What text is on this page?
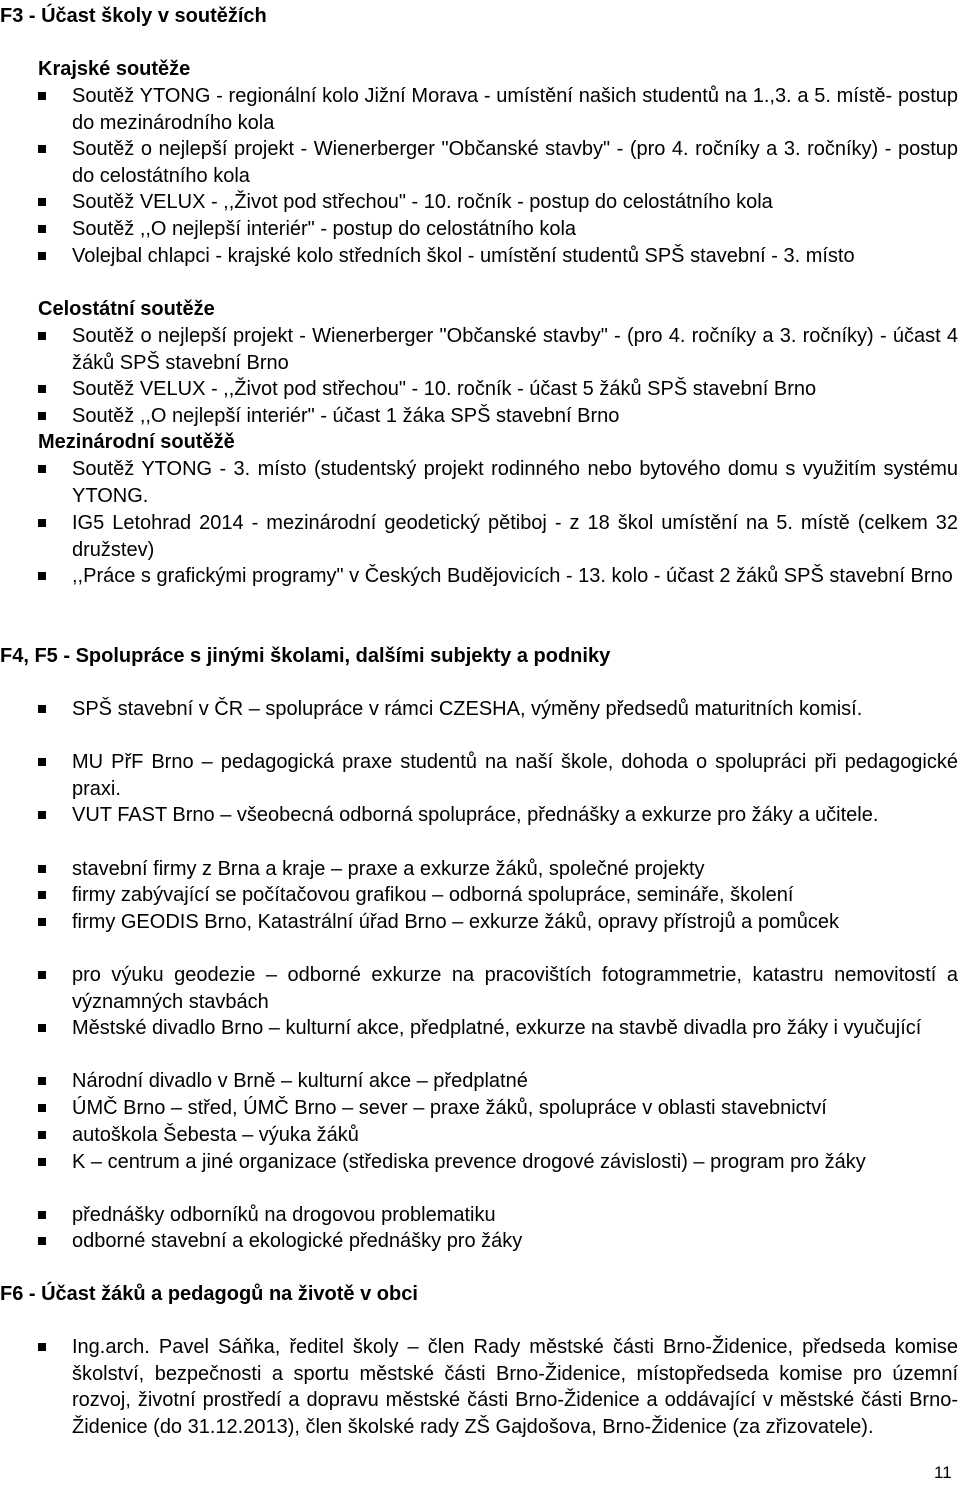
F3 - Účast školy v soutěžích
Krajské soutěže
Soutěž YTONG - regionální kolo Jižní Morava - umístění našich studentů na 1.,3. a 5. místě- postup do mezinárodního kola
Soutěž o nejlepší projekt - Wienerberger "Občanské stavby" - (pro 4. ročníky a 3. ročníky) - postup do celostátního kola
Soutěž VELUX - ,,Život pod střechou" - 10. ročník - postup do celostátního kola
Soutěž ,,O nejlepší interiér" - postup do celostátního kola
Volejbal chlapci - krajské kolo středních škol - umístění studentů SPŠ stavební - 3. místo
Celostátní soutěže
Soutěž o nejlepší projekt - Wienerberger "Občanské stavby" - (pro 4. ročníky a 3. ročníky) - účast 4 žáků SPŠ stavební Brno
Soutěž VELUX - ,,Život pod střechou" - 10. ročník - účast 5 žáků SPŠ stavební Brno
Soutěž ,,O nejlepší interiér" - účast 1 žáka SPŠ stavební Brno
Mezinárodní soutěžě
Soutěž YTONG - 3. místo (studentský projekt rodinného nebo bytového domu s využitím systému YTONG.
IG5 Letohrad 2014 - mezinárodní geodetický pětiboj - z 18 škol umístění na 5. místě (celkem 32 družstev)
,,Práce s grafickými programy" v Českých Budějovicích - 13. kolo - účast 2 žáků SPŠ stavební Brno
F4, F5 - Spolupráce s jinými školami, dalšími subjekty a podniky
SPŠ stavební v ČR – spolupráce v rámci CZESHA, výměny předsedů maturitních komisí.
MU PřF Brno – pedagogická praxe studentů na naší škole, dohoda o spolupráci při pedagogické praxi.
VUT FAST Brno – všeobecná odborná spolupráce, přednášky a exkurze pro žáky a učitele.
stavební firmy z Brna a kraje – praxe a exkurze žáků, společné projekty
firmy zabývající se počítačovou grafikou – odborná spolupráce, semináře, školení
firmy GEODIS Brno, Katastrální úřad Brno – exkurze žáků, opravy přístrojů a pomůcek
pro výuku geodezie – odborné exkurze na pracovištích fotogrammetrie, katastru nemovitostí a významných stavbách
Městské divadlo Brno – kulturní akce, předplatné, exkurze na stavbě divadla pro žáky i vyučující
Národní divadlo v Brně – kulturní akce – předplatné
ÚMČ Brno – střed, ÚMČ Brno – sever – praxe žáků, spolupráce v oblasti stavebnictví
autoškola Šebesta – výuka žáků
K – centrum a jiné organizace (střediska prevence drogové závislosti) – program pro žáky
přednášky odborníků na drogovou problematiku
odborné stavební a ekologické přednášky pro žáky
F6 - Účast žáků a pedagogů na životě v obci
Ing.arch. Pavel Sáňka, ředitel školy – člen Rady městské části Brno-Židenice, předseda komise školství, bezpečnosti a sportu městské části Brno-Židenice, místopředseda komise pro územní rozvoj, životní prostředí a dopravu městské části Brno-Židenice a oddávající v městské části Brno-Židenice (do 31.12.2013), člen školské rady ZŠ Gajdošova, Brno-Židenice (za zřizovatele).
11
